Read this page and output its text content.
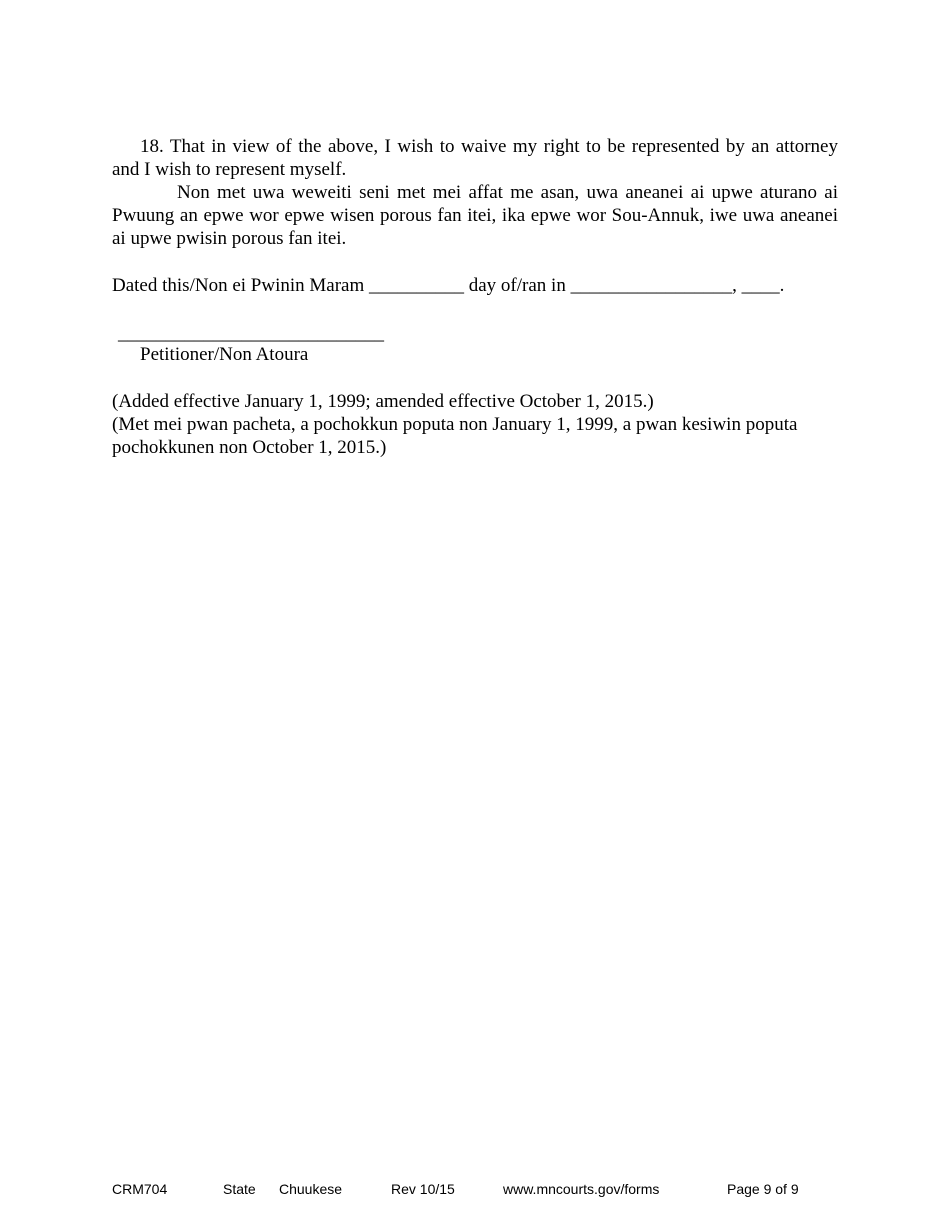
18. That in view of the above, I wish to waive my right to be represented by an attorney and I wish to represent myself.
Non met uwa weweiti seni met mei affat me asan, uwa aneanei ai upwe aturano ai Pwuung an epwe wor epwe wisen porous fan itei, ika epwe wor Sou-Annuk, iwe uwa aneanei ai upwe pwisin porous fan itei.
Dated this/Non ei Pwinin Maram __________ day of/ran in _________________, ____.
____________________________
Petitioner/Non Atoura
(Added effective January 1, 1999; amended effective October 1, 2015.)
(Met mei pwan pacheta, a pochokkun poputa non January 1, 1999, a pwan kesiwin poputa pochokkunen non October 1, 2015.)
CRM704	State Chuukese	Rev 10/15	www.mncourts.gov/forms	Page 9 of 9
